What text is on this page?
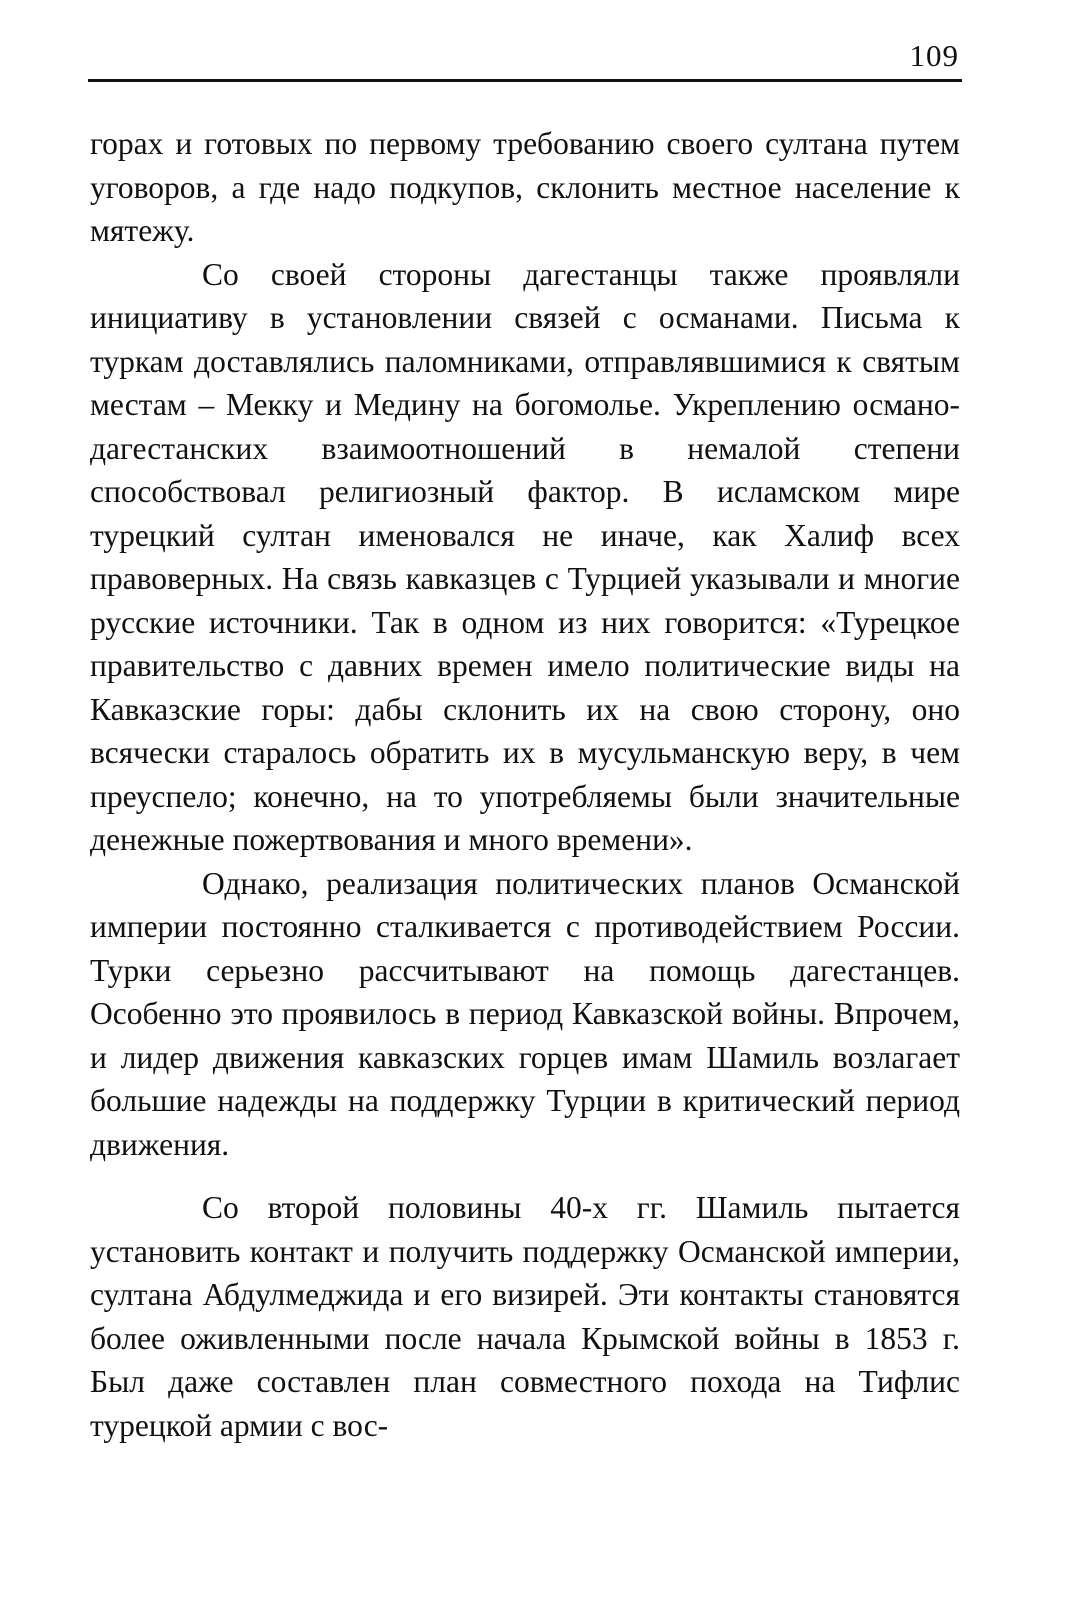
109

горах и готовых по первому требованию своего султана путем уговоров, а где надо подкупов, склонить местное население к мятежу.

Со своей стороны дагестанцы также проявляли инициативу в установлении связей с османами. Письма к туркам доставлялись паломниками, отправлявшимися к святым местам – Мекку и Медину на богомолье. Укреплению османо-дагестанских взаимоотношений в немалой степени способствовал религиозный фактор. В исламском мире турецкий султан именовался не иначе, как Халиф всех правоверных. На связь кавказцев с Турцией указывали и многие русские источники. Так в одном из них говорится: «Турецкое правительство с давних времен имело политические виды на Кавказские горы: дабы склонить их на свою сторону, оно всячески старалось обратить их в мусульманскую веру, в чем преуспело; конечно, на то употребляемы были значительные денежные пожертвования и много времени».

Однако, реализация политических планов Османской империи постоянно сталкивается с противодействием России. Турки серьезно рассчитывают на помощь дагестанцев. Особенно это проявилось в период Кавказской войны. Впрочем, и лидер движения кавказских горцев имам Шамиль возлагает большие надежды на поддержку Турции в критический период движения.

Со второй половины 40-х гг. Шамиль пытается установить контакт и получить поддержку Османской империи, султана Абдулмеджида и его визирей. Эти контакты становятся более оживленными после начала Крымской войны в 1853 г. Был даже составлен план совместного похода на Тифлис турецкой армии с вос-
